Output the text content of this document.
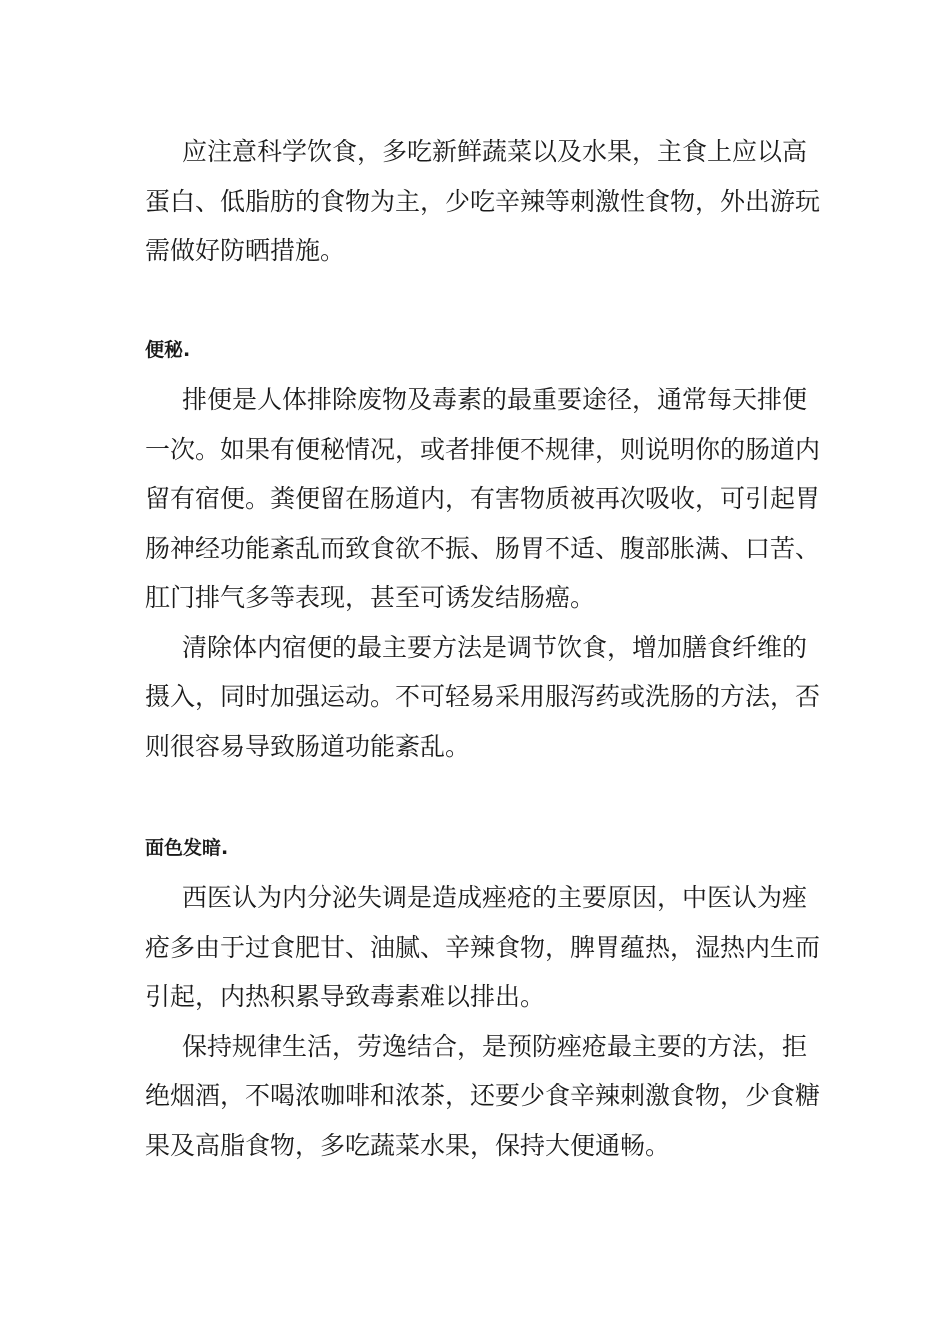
应注意科学饮食，多吃新鲜蔬菜以及水果，主食上应以高蛋白、低脂肪的食物为主，少吃辛辣等刺激性食物，外出游玩需做好防晒措施。

便秘.

排便是人体排除废物及毒素的最重要途径，通常每天排便一次。如果有便秘情况，或者排便不规律，则说明你的肠道内留有宿便。粪便留在肠道内，有害物质被再次吸收，可引起胃肠神经功能紊乱而致食欲不振、肠胃不适、腹部胀满、口苦、肛门排气多等表现，甚至可诱发结肠癌。

清除体内宿便的最主要方法是调节饮食，增加膳食纤维的摄入，同时加强运动。不可轻易采用服泻药或洗肠的方法，否则很容易导致肠道功能紊乱。

面色发暗.

西医认为内分泌失调是造成痤疮的主要原因，中医认为痤疮多由于过食肥甘、油腻、辛辣食物，脾胃蕴热，湿热内生而引起，内热积累导致毒素难以排出。

保持规律生活，劳逸结合，是预防痤疮最主要的方法，拒绝烟酒，不喝浓咖啡和浓茶，还要少食辛辣刺激食物，少食糖果及高脂食物，多吃蔬菜水果，保持大便通畅。
